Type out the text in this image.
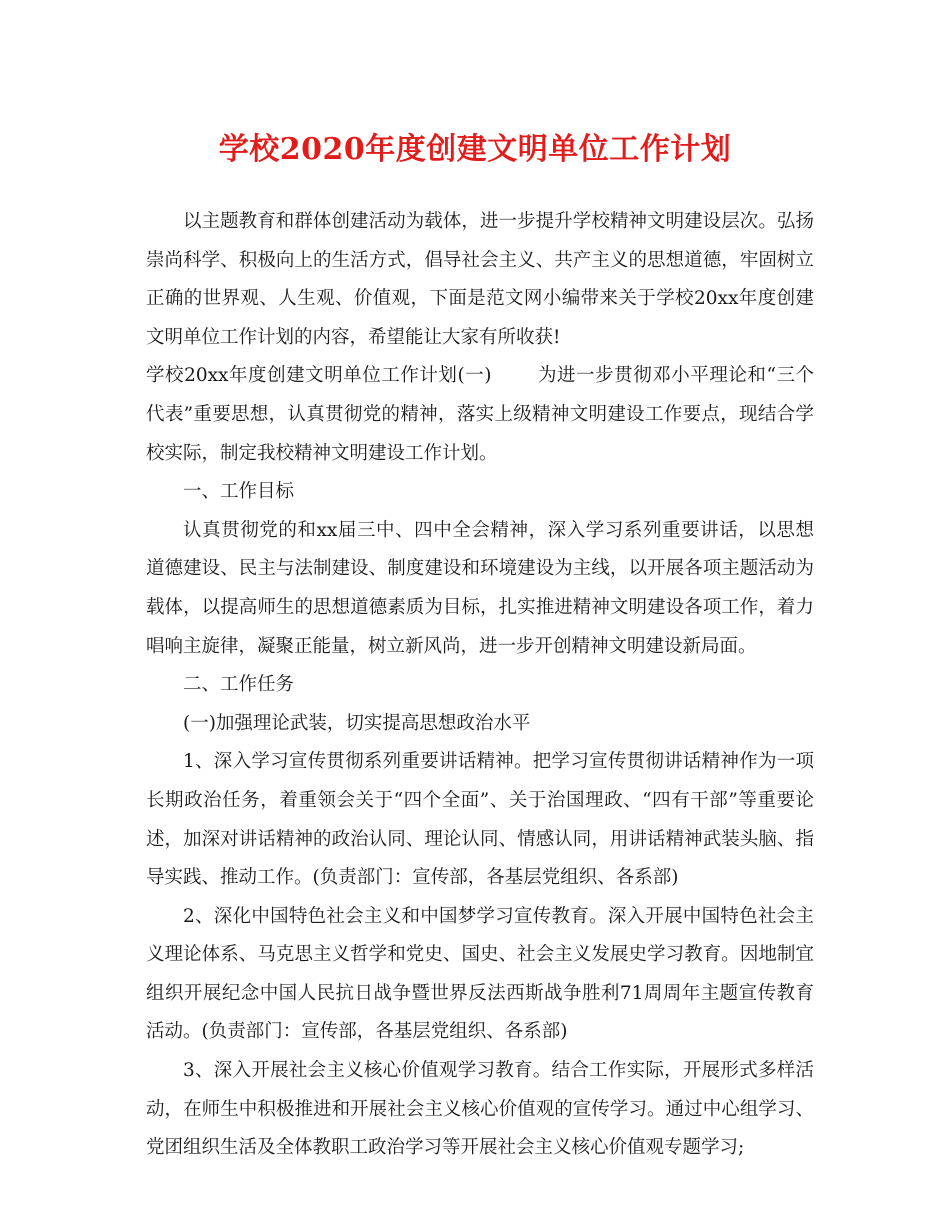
学校2020年度创建文明单位工作计划

以主题教育和群体创建活动为载体，进一步提升学校精神文明建设层次。弘扬崇尚科学、积极向上的生活方式，倡导社会主义、共产主义的思想道德，牢固树立正确的世界观、人生观、价值观，下面是范文网小编带来关于学校20xx年度创建文明单位工作计划的内容，希望能让大家有所收获!

学校20xx年度创建文明单位工作计划(一) 为进一步贯彻邓小平理论和“三个代表”重要思想，认真贯彻党的精神，落实上级精神文明建设工作要点，现结合学校实际，制定我校精神文明建设工作计划。

一、工作目标

认真贯彻党的和xx届三中、四中全会精神，深入学习系列重要讲话，以思想道德建设、民主与法制建设、制度建设和环境建设为主线，以开展各项主题活动为载体，以提高师生的思想道德素质为目标，扎实推进精神文明建设各项工作，着力唱响主旋律，凝聚正能量，树立新风尚，进一步开创精神文明建设新局面。

二、工作任务

(一)加强理论武装，切实提高思想政治水平

1、深入学习宣传贯彻系列重要讲话精神。把学习宣传贯彻讲话精神作为一项长期政治任务，着重领会关于“四个全面”、关于治国理政、“四有干部”等重要论述，加深对讲话精神的政治认同、理论认同、情感认同，用讲话精神武装头脑、指导实践、推动工作。(负责部门：宣传部，各基层党组织、各系部)

2、深化中国特色社会主义和中国梦学习宣传教育。深入开展中国特色社会主义理论体系、马克思主义哲学和党史、国史、社会主义发展史学习教育。因地制宜组织开展纪念中国人民抗日战争暨世界反法西斯战争胜利71周周年主题宣传教育活动。(负责部门：宣传部，各基层党组织、各系部)

3、深入开展社会主义核心价值观学习教育。结合工作实际，开展形式多样活动，在师生中积极推进和开展社会主义核心价值观的宣传学习。通过中心组学习、党团组织生活及全体教职工政治学习等开展社会主义核心价值观专题学习;
